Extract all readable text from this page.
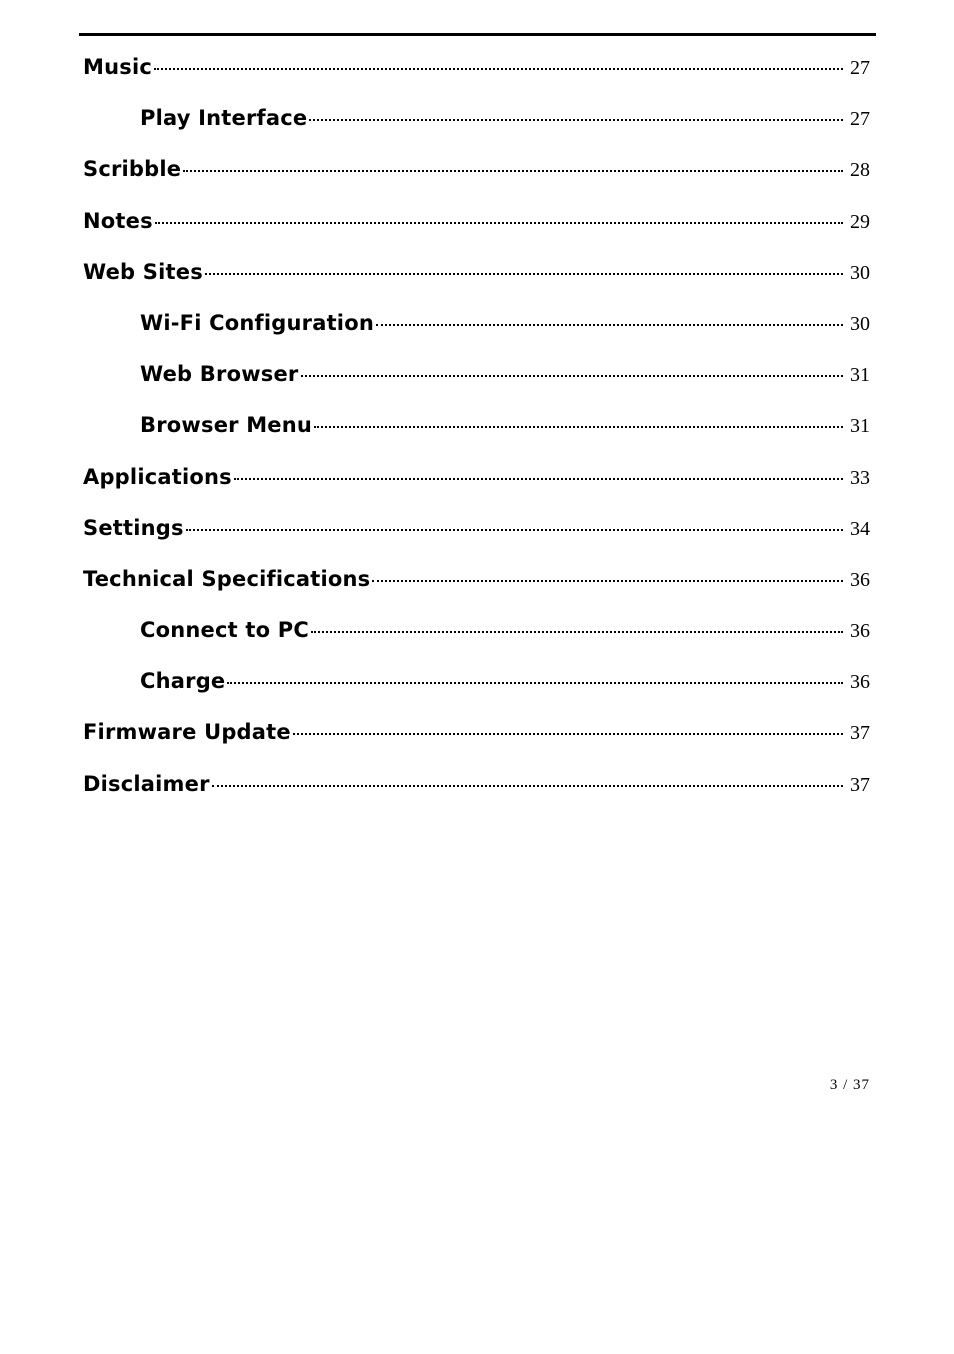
Music	27
Play Interface	27
Scribble	28
Notes	29
Web Sites	30
Wi-Fi Configuration	30
Web Browser	31
Browser Menu	31
Applications	33
Settings	34
Technical Specifications	36
Connect to PC	36
Charge	36
Firmware Update	37
Disclaimer	37
3 / 37
